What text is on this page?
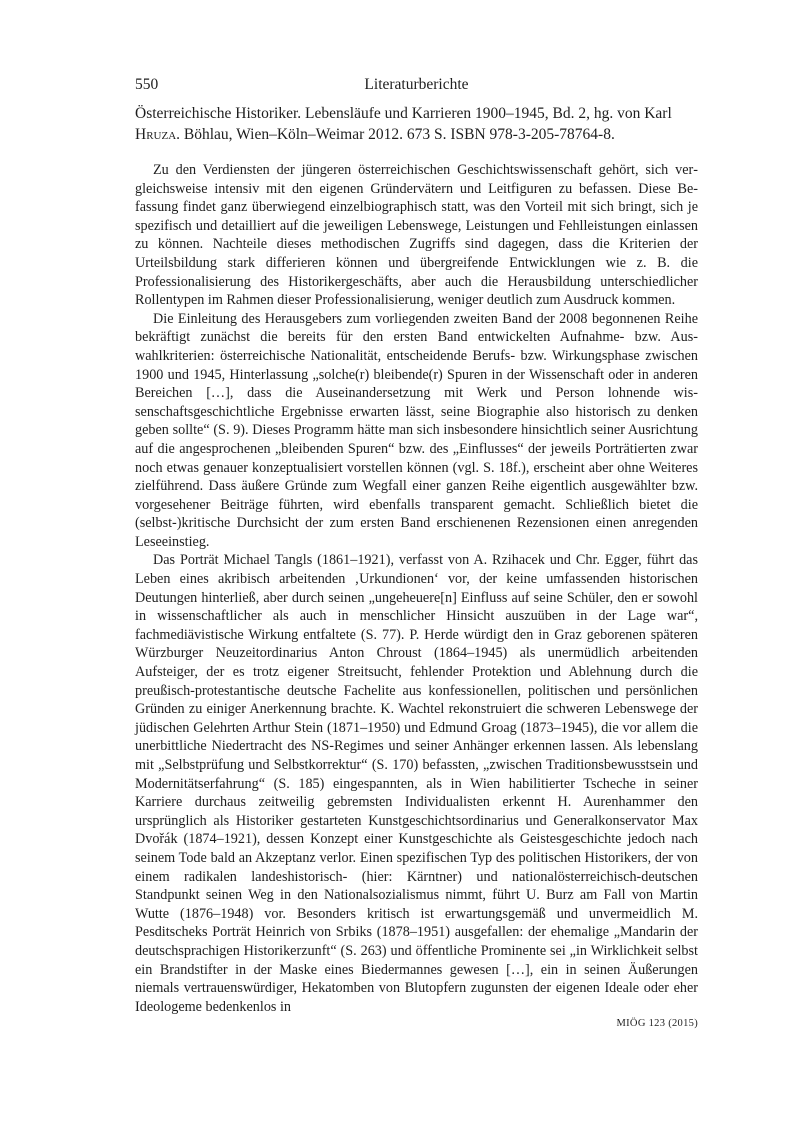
550	Literaturberichte

Österreichische Historiker. Lebensläufe und Karrieren 1900–1945, Bd. 2, hg. von Karl Hruza. Böhlau, Wien–Köln–Weimar 2012. 673 S. ISBN 978-3-205-78764-8.

Zu den Verdiensten der jüngeren österreichischen Geschichtswissenschaft gehört, sich vergleichsweise intensiv mit den eigenen Gründervätern und Leitfiguren zu befassen. Diese Befassung findet ganz überwiegend einzelbiographisch statt, was den Vorteil mit sich bringt, sich je spezifisch und detailliert auf die jeweiligen Lebenswege, Leistungen und Fehlleistungen einlassen zu können. Nachteile dieses methodischen Zugriffs sind dagegen, dass die Kriterien der Urteilsbildung stark differieren können und übergreifende Entwicklungen wie z. B. die Professionalisierung des Historikergeschäfts, aber auch die Herausbildung unterschiedlicher Rollentypen im Rahmen dieser Professionalisierung, weniger deutlich zum Ausdruck kommen.

Die Einleitung des Herausgebers zum vorliegenden zweiten Band der 2008 begonnenen Reihe bekräftigt zunächst die bereits für den ersten Band entwickelten Aufnahme- bzw. Auswahlkriterien: österreichische Nationalität, entscheidende Berufs- bzw. Wirkungsphase zwischen 1900 und 1945, Hinterlassung „solche(r) bleibende(r) Spuren in der Wissenschaft oder in anderen Bereichen […], dass die Auseinandersetzung mit Werk und Person lohnende wissenschaftsgeschichtliche Ergebnisse erwarten lässt, seine Biographie also historisch zu denken geben sollte“ (S. 9). Dieses Programm hätte man sich insbesondere hinsichtlich seiner Ausrichtung auf die angesprochenen „bleibenden Spuren“ bzw. des „Einflusses“ der jeweils Porträtierten zwar noch etwas genauer konzeptualisiert vorstellen können (vgl. S. 18f.), erscheint aber ohne Weiteres zielführend. Dass äußere Gründe zum Wegfall einer ganzen Reihe eigentlich ausgewählter bzw. vorgesehener Beiträge führten, wird ebenfalls transparent gemacht. Schließlich bietet die (selbst-)kritische Durchsicht der zum ersten Band erschienenen Rezensionen einen anregenden Leseeinstieg.

Das Porträt Michael Tangls (1861–1921), verfasst von A. Rzihacek und Chr. Egger, führt das Leben eines akribisch arbeitenden ‚Urkundionen‘ vor, der keine umfassenden historischen Deutungen hinterließ, aber durch seinen „ungeheuere[n] Einfluss auf seine Schüler, den er sowohl in wissenschaftlicher als auch in menschlicher Hinsicht auszuüben in der Lage war“, fachmediävistische Wirkung entfaltete (S. 77). P. Herde würdigt den in Graz geborenen späteren Würzburger Neuzeitordinarius Anton Chroust (1864–1945) als unermüdlich arbeitenden Aufsteiger, der es trotz eigener Streitsucht, fehlender Protektion und Ablehnung durch die preußisch-protestantische deutsche Fachelite aus konfessionellen, politischen und persönlichen Gründen zu einiger Anerkennung brachte. K. Wachtel rekonstruiert die schweren Lebenswege der jüdischen Gelehrten Arthur Stein (1871–1950) und Edmund Groag (1873–1945), die vor allem die unerbittliche Niedertracht des NS-Regimes und seiner Anhänger erkennen lassen. Als lebenslang mit „Selbstprüfung und Selbstkorrektur“ (S. 170) befassten, „zwischen Traditionsbewusstsein und Modernitätserfahrung“ (S. 185) eingespannten, als in Wien habilitierter Tscheche in seiner Karriere durchaus zeitweilig gebremsten Individualisten erkennt H. Aurenhammer den ursprünglich als Historiker gestarteten Kunstgeschichtsordinarius und Generalkonservator Max Dvořák (1874–1921), dessen Konzept einer Kunstgeschichte als Geistesgeschichte jedoch nach seinem Tode bald an Akzeptanz verlor. Einen spezifischen Typ des politischen Historikers, der von einem radikalen landeshistorisch- (hier: Kärntner) und nationalösterreichisch-deutschen Standpunkt seinen Weg in den Nationalsozialismus nimmt, führt U. Burz am Fall von Martin Wutte (1876–1948) vor. Besonders kritisch ist erwartungsgemäß und unvermeidlich M. Pesditscheks Porträt Heinrich von Srbiks (1878–1951) ausgefallen: der ehemalige „Mandarin der deutschsprachigen Historikerzunft“ (S. 263) und öffentliche Prominente sei „in Wirklichkeit selbst ein Brandstifter in der Maske eines Biedermannes gewesen […], ein in seinen Äußerungen niemals vertrauenswürdiger, Hekatomben von Blutopfern zugunsten der eigenen Ideale oder eher Ideologeme bedenkenlos in

MIÖG 123 (2015)
